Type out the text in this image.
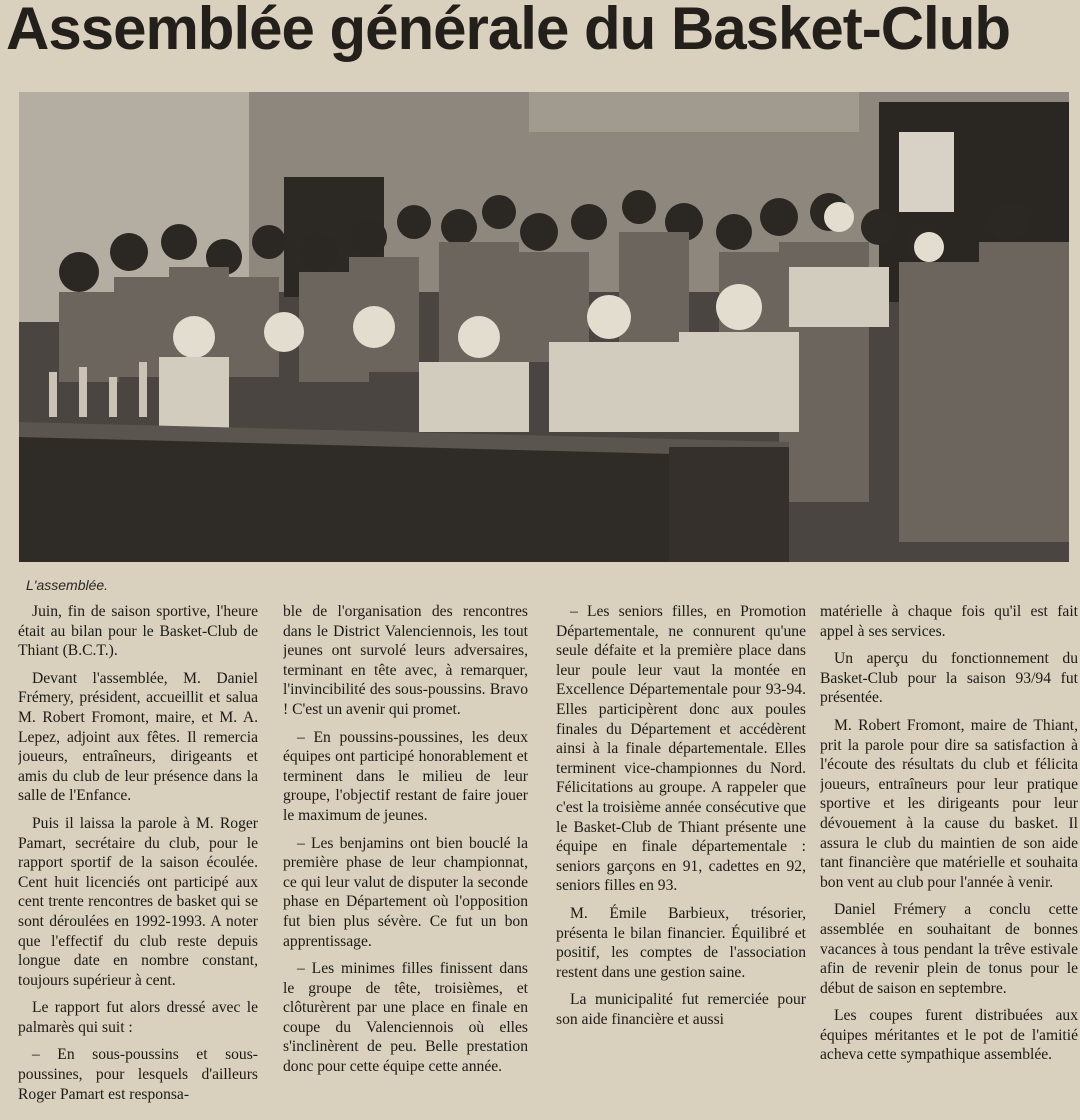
Assemblée générale du Basket-Club
L'assemblée.

Juin, fin de saison sportive, l'heure était au bilan pour le Basket-Club de Thiant (B.C.T.).

Devant l'assemblée, M. Daniel Frémery, président, accueillit et salua M. Robert Fromont, maire, et M. A. Lepez, adjoint aux fêtes. Il remercia joueurs, entraîneurs, dirigeants et amis du club de leur présence dans la salle de l'Enfance.

Puis il laissa la parole à M. Roger Pamart, secrétaire du club, pour le rapport sportif de la saison écoulée. Cent huit licenciés ont participé aux cent trente rencontres de basket qui se sont déroulées en 1992-1993. A noter que l'effectif du club reste depuis longue date en nombre constant, toujours supérieur à cent.

Le rapport fut alors dressé avec le palmarès qui suit :

– En sous-poussins et sous-poussines, pour lesquels d'ailleurs Roger Pamart est responsa-

ble de l'organisation des rencontres dans le District Valenciennois, les tout jeunes ont survolé leurs adversaires, terminant en tête avec, à remarquer, l'invincibilité des sous-poussins. Bravo ! C'est un avenir qui promet.

– En poussins-poussines, les deux équipes ont participé honorablement et terminent dans le milieu de leur groupe, l'objectif restant de faire jouer le maximum de jeunes.

– Les benjamins ont bien bouclé la première phase de leur championnat, ce qui leur valut de disputer la seconde phase en Département où l'opposition fut bien plus sévère. Ce fut un bon apprentissage.

– Les minimes filles finissent dans le groupe de tête, troisièmes, et clôturèrent par une place en finale en coupe du Valenciennois où elles s'inclinèrent de peu. Belle prestation donc pour cette équipe cette année.

– Les seniors filles, en Promotion Départementale, ne connurent qu'une seule défaite et la première place dans leur poule leur vaut la montée en Excellence Départementale pour 93-94. Elles participèrent donc aux poules finales du Département et accédèrent ainsi à la finale départementale. Elles terminent vice-championnes du Nord. Félicitations au groupe. A rappeler que c'est la troisième année consécutive que le Basket-Club de Thiant présente une équipe en finale départementale : seniors garçons en 91, cadettes en 92, seniors filles en 93.

M. Émile Barbieux, trésorier, présenta le bilan financier. Équilibré et positif, les comptes de l'association restent dans une gestion saine.

La municipalité fut remerciée pour son aide financière et aussi

matérielle à chaque fois qu'il est fait appel à ses services.

Un aperçu du fonctionnement du Basket-Club pour la saison 93/94 fut présentée.

M. Robert Fromont, maire de Thiant, prit la parole pour dire sa satisfaction à l'écoute des résultats du club et félicita joueurs, entraîneurs pour leur pratique sportive et les dirigeants pour leur dévouement à la cause du basket. Il assura le club du maintien de son aide tant financière que matérielle et souhaita bon vent au club pour l'année à venir.

Daniel Frémery a conclu cette assemblée en souhaitant de bonnes vacances à tous pendant la trêve estivale afin de revenir plein de tonus pour le début de saison en septembre.

Les coupes furent distribuées aux équipes méritantes et le pot de l'amitié acheva cette sympathique assemblée.
